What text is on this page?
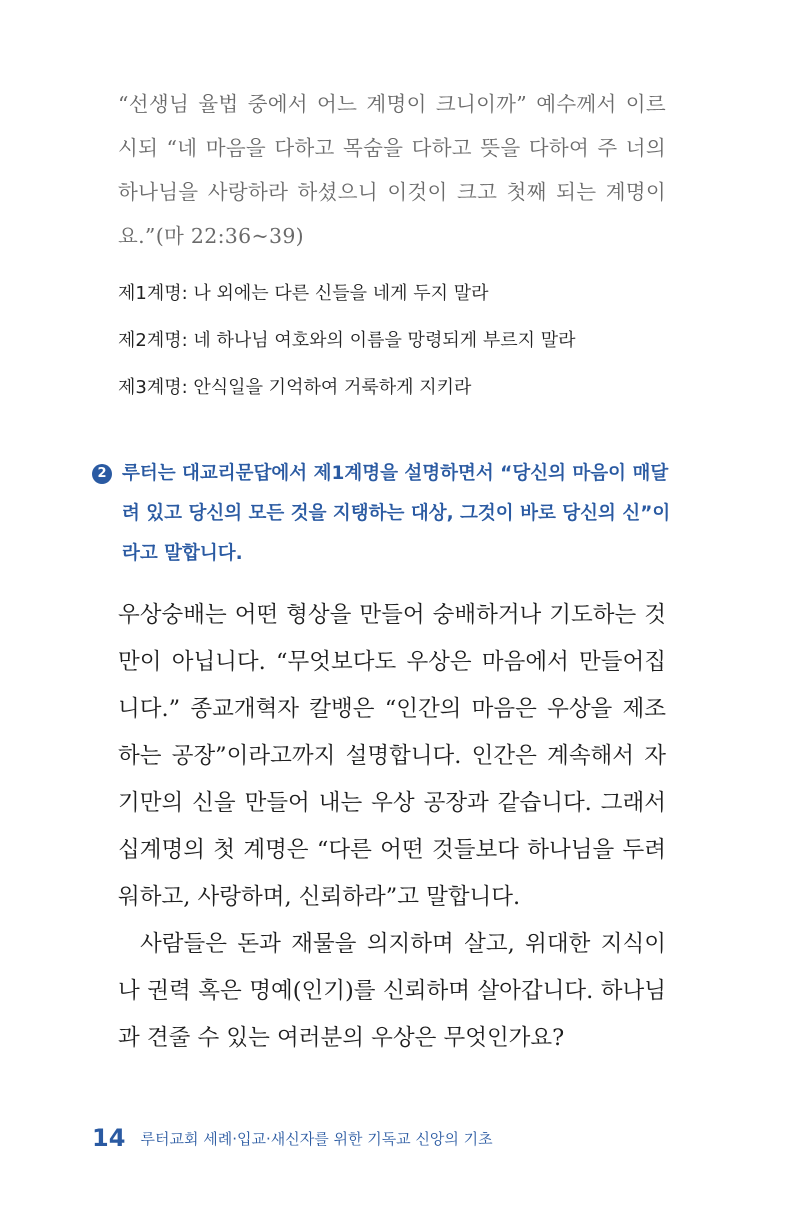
“선생님 율법 중에서 어느 계명이 크니이까” 예수께서 이르시되 “네 마음을 다하고 목숨을 다하고 뜻을 다하여 주 너의 하나님을 사랑하라 하셨으니 이것이 크고 첫째 되는 계명이요.”(마 22:36~39)
제1계명: 나 외에는 다른 신들을 네게 두지 말라
제2계명: 네 하나님 여호와의 이름을 망령되게 부르지 말라
제3계명: 안식일을 기억하여 거룩하게 지키라
2 루터는 대교리문답에서 제1계명을 설명하면서 “당신의 마음이 매달려 있고 당신의 모든 것을 지탱하는 대상, 그것이 바로 당신의 신”이라고 말합니다.

우상숭배는 어떤 형상을 만들어 숭배하거나 기도하는 것만이 아닙니다. “무엇보다도 우상은 마음에서 만들어집니다.” 종교개혁자 칼뱅은 “인간의 마음은 우상을 제조하는 공장”이라고까지 설명합니다. 인간은 계속해서 자기만의 신을 만들어 내는 우상 공장과 같습니다. 그래서 십계명의 첫 계명은 “다른 어떤 것들보다 하나님을 두려워하고, 사랑하며, 신뢰하라”고 말합니다.

사람들은 돈과 재물을 의지하며 살고, 위대한 지식이나 권력 혹은 명예(인기)를 신뢰하며 살아갑니다. 하나님과 견줄 수 있는 여러분의 우상은 무엇인가요?

14 루터교회 세례·입교·새신자를 위한 기독교 신앙의 기초
